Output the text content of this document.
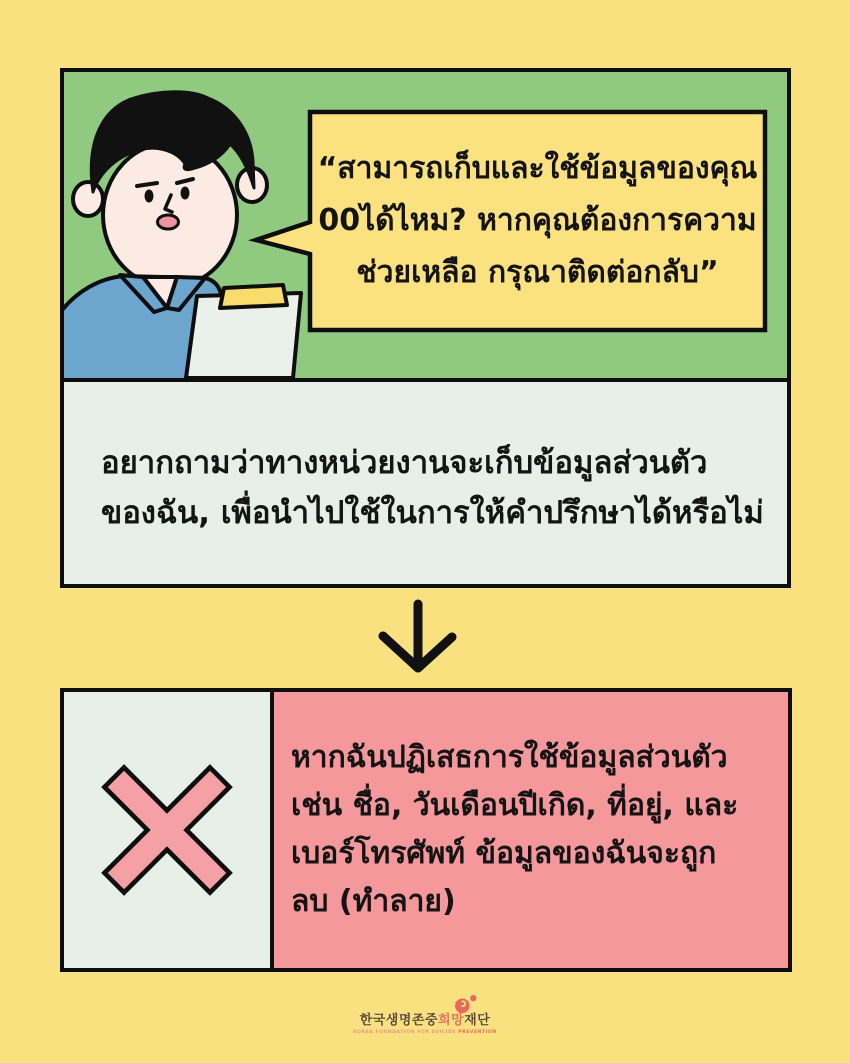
“สามารถเก็บและใช้ข้อมูลของคุณ
00ได้ไหม? หากคุณต้องการความ
ช่วยเหลือ กรุณาติดต่อกลับ”
อยากถามว่าทางหน่วยงานจะเก็บข้อมูลส่วนตัว
ของฉัน, เพื่อนำไปใช้ในการให้คำปรึกษาได้หรือไม่
หากฉันปฏิเสธการใช้ข้อมูลส่วนตัว
เช่น ชื่อ, วันเดือนปีเกิด, ที่อยู่, และ
เบอร์โทรศัพท์ ข้อมูลของฉันจะถูก
ลบ (ทำลาย)
한국생명존중희망재단
KOREA FOUNDATION FOR SUICIDE PREVENTION
